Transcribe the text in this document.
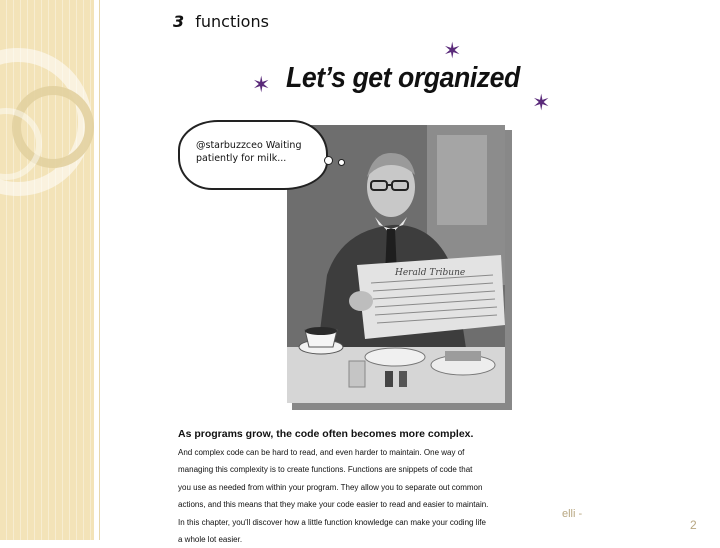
3 functions
✶ Let’s get organized
✶
✶
Herald Tribune
@starbuzzceo Waiting patiently for milk...
As programs grow, the code often becomes more complex.
And complex code can be hard to read, and even harder to maintain. One way of
managing this complexity is to create functions. Functions are snippets of code that
you use as needed from within your program. They allow you to separate out common
actions, and this means that they make your code easier to read and easier to maintain.
In this chapter, you'll discover how a little function knowledge can make your coding life
a whole lot easier.
elli -
2
